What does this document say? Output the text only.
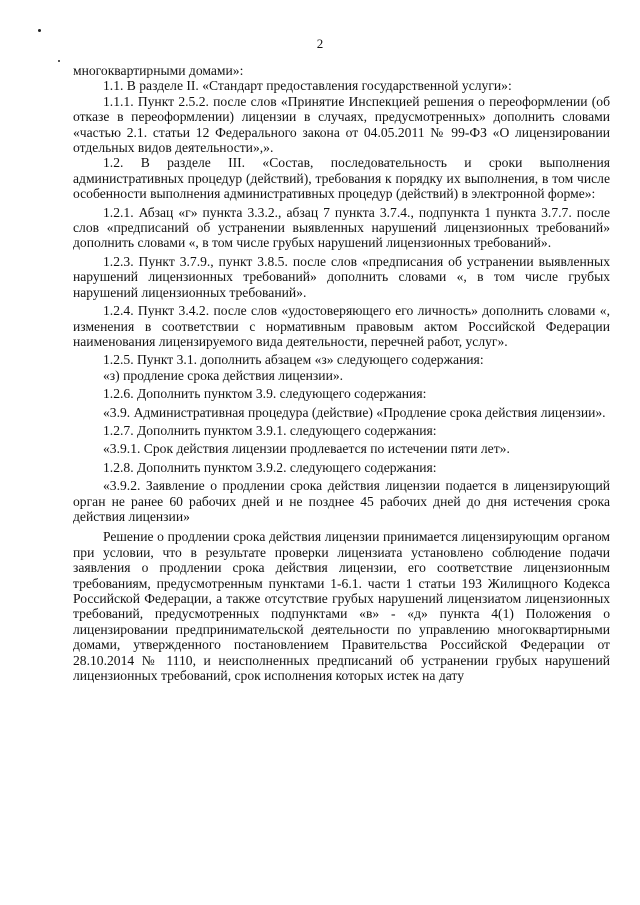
2

многоквартирными домами»:

1.1. В разделе II. «Стандарт предоставления государственной услуги»:

1.1.1. Пункт 2.5.2. после слов «Принятие Инспекцией решения о переоформлении (об отказе в переоформлении) лицензии в случаях, предусмотренных» дополнить словами «частью 2.1. статьи 12 Федерального закона от 04.05.2011 № 99-ФЗ «О лицензировании отдельных видов деятельности»,».

1.2. В разделе III. «Состав, последовательность и сроки выполнения административных процедур (действий), требования к порядку их выполнения, в том числе особенности выполнения административных процедур (действий) в электронной форме»:

1.2.1. Абзац «г» пункта 3.3.2., абзац 7 пункта 3.7.4., подпункта 1 пункта 3.7.7. после слов «предписаний об устранении выявленных нарушений лицензионных требований» дополнить словами «, в том числе грубых нарушений лицензионных требований».

1.2.3. Пункт 3.7.9., пункт 3.8.5. после слов «предписания об устранении выявленных нарушений лицензионных требований» дополнить словами «, в том числе грубых нарушений лицензионных требований».

1.2.4. Пункт 3.4.2. после слов «удостоверяющего его личность» дополнить словами «, изменения в соответствии с нормативным правовым актом Российской Федерации наименования лицензируемого вида деятельности, перечней работ, услуг».

1.2.5. Пункт 3.1. дополнить абзацем «з» следующего содержания:

«з) продление срока действия лицензии».

1.2.6. Дополнить пунктом 3.9. следующего содержания:

«3.9. Административная процедура (действие) «Продление срока действия лицензии».

1.2.7. Дополнить пунктом 3.9.1. следующего содержания:

«3.9.1. Срок действия лицензии продлевается по истечении пяти лет».

1.2.8. Дополнить пунктом 3.9.2. следующего содержания:

«3.9.2. Заявление о продлении срока действия лицензии подается в лицензирующий орган не ранее 60 рабочих дней и не позднее 45 рабочих дней до дня истечения срока действия лицензии»

Решение о продлении срока действия лицензии принимается лицензирующим органом при условии, что в результате проверки лицензиата установлено соблюдение подачи заявления о продлении срока действия лицензии, его соответствие лицензионным требованиям, предусмотренным пунктами 1-6.1. части 1 статьи 193 Жилищного Кодекса Российской Федерации, а также отсутствие грубых нарушений лицензиатом лицензионных требований, предусмотренных подпунктами «в» - «д» пункта 4(1) Положения о лицензировании предпринимательской деятельности по управлению многоквартирными домами, утвержденного постановлением Правительства Российской Федерации от 28.10.2014 № 1110, и неисполненных предписаний об устранении грубых нарушений лицензионных требований, срок исполнения которых истек на дату
